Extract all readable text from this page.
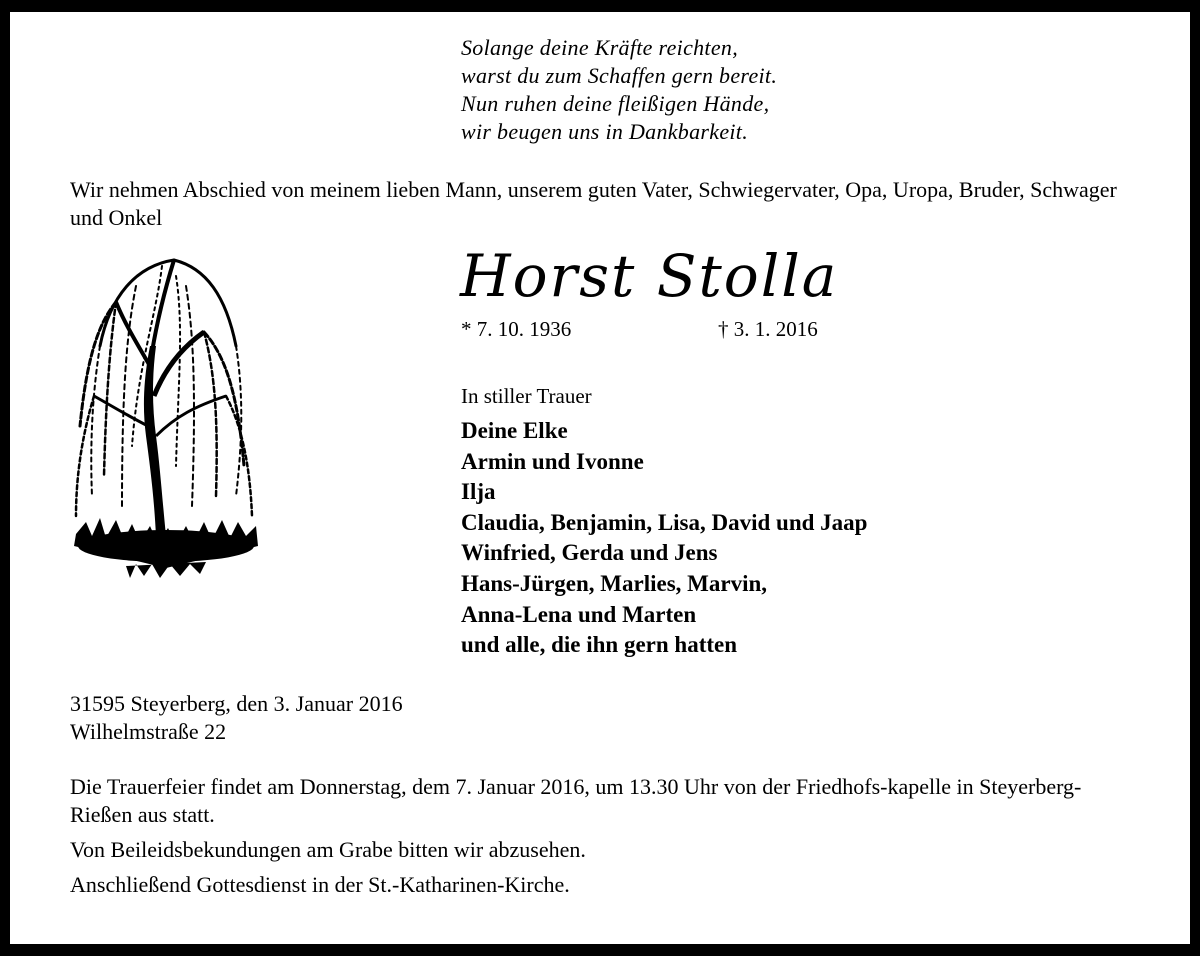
Solange deine Kräfte reichten,
warst du zum Schaffen gern bereit.
Nun ruhen deine fleißigen Hände,
wir beugen uns in Dankbarkeit.
Wir nehmen Abschied von meinem lieben Mann, unserem guten Vater, Schwiegervater, Opa, Uropa, Bruder, Schwager und Onkel
Horst Stolla
* 7. 10. 1936	† 3. 1. 2016
In stiller Trauer
Deine Elke
Armin und Ivonne
Ilja
Claudia, Benjamin, Lisa, David und Jaap
Winfried, Gerda und Jens
Hans-Jürgen, Marlies, Marvin,
Anna-Lena und Marten
und alle, die ihn gern hatten
31595 Steyerberg, den 3. Januar 2016
Wilhelmstraße 22

Die Trauerfeier findet am Donnerstag, dem 7. Januar 2016, um 13.30 Uhr von der Friedhofs-kapelle in Steyerberg-Rießen aus statt.

Von Beileidsbekundungen am Grabe bitten wir abzusehen.

Anschließend Gottesdienst in der St.-Katharinen-Kirche.
